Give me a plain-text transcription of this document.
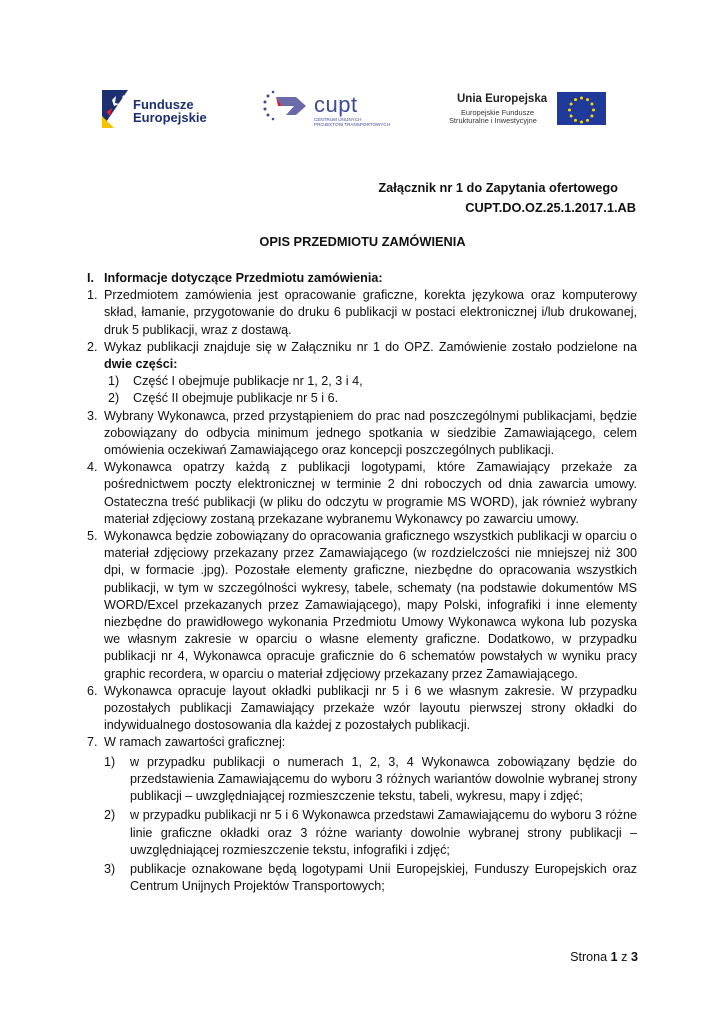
Fundusze
Europejskie
cupt
CENTRUM UNIJNYCH
PROJEKTÓW TRANSPORTOWYCH
Unia Europejska
Europejskie Fundusze
Strukturalne i Inwestycyjne
Załącznik nr 1 do Zapytania ofertowego
CUPT.DO.OZ.25.1.2017.1.AB
OPIS PRZEDMIOTU ZAMÓWIENIA
I. Informacje dotyczące Przedmiotu zamówienia:
1. Przedmiotem zamówienia jest opracowanie graficzne, korekta językowa oraz komputerowy skład, łamanie, przygotowanie do druku 6 publikacji w postaci elektronicznej i/lub drukowanej, druk 5 publikacji, wraz z dostawą.
2. Wykaz publikacji znajduje się w Załączniku nr 1 do OPZ. Zamówienie zostało podzielone na dwie części:
1)	Część I obejmuje publikacje nr 1, 2, 3 i 4,
2)	Część II obejmuje publikacje nr 5 i 6.
3. Wybrany Wykonawca, przed przystąpieniem do prac nad poszczególnymi publikacjami, będzie zobowiązany do odbycia minimum jednego spotkania w siedzibie Zamawiającego, celem omówienia oczekiwań Zamawiającego oraz koncepcji poszczególnych publikacji.
4. Wykonawca opatrzy każdą z publikacji logotypami, które Zamawiający przekaże za pośrednictwem poczty elektronicznej w terminie 2 dni roboczych od dnia zawarcia umowy. Ostateczna treść publikacji (w pliku do odczytu w programie MS WORD), jak również wybrany materiał zdjęciowy zostaną przekazane wybranemu Wykonawcy po zawarciu umowy.
5. Wykonawca będzie zobowiązany do opracowania graficznego wszystkich publikacji w oparciu o materiał zdjęciowy przekazany przez Zamawiającego (w rozdzielczości nie mniejszej niż 300 dpi, w formacie .jpg). Pozostałe elementy graficzne, niezbędne do opracowania wszystkich publikacji, w tym w szczególności wykresy, tabele, schematy (na podstawie dokumentów MS WORD/Excel przekazanych przez Zamawiającego), mapy Polski, infografiki i inne elementy niezbędne do prawidłowego wykonania Przedmiotu Umowy Wykonawca wykona lub pozyska we własnym zakresie w oparciu o własne elementy graficzne. Dodatkowo, w przypadku publikacji nr 4, Wykonawca opracuje graficznie do 6 schematów powstałych w wyniku pracy graphic recordera, w oparciu o materiał zdjęciowy przekazany przez Zamawiającego.
6. Wykonawca opracuje layout okładki publikacji nr 5 i 6 we własnym zakresie. W przypadku pozostałych publikacji Zamawiający przekaże wzór layoutu pierwszej strony okładki do indywidualnego dostosowania dla każdej z pozostałych publikacji.
7. W ramach zawartości graficznej:
1)	w przypadku publikacji o numerach 1, 2, 3, 4 Wykonawca zobowiązany będzie do przedstawienia Zamawiającemu do wyboru 3 różnych wariantów dowolnie wybranej strony publikacji – uwzględniającej rozmieszczenie tekstu, tabeli, wykresu, mapy i zdjęć;
2)	w przypadku publikacji nr 5 i 6 Wykonawca przedstawi Zamawiającemu do wyboru 3 różne linie graficzne okładki oraz 3 różne warianty dowolnie wybranej strony publikacji – uwzględniającej rozmieszczenie tekstu, infografiki i zdjęć;
3)	publikacje oznakowane będą logotypami Unii Europejskiej, Funduszy Europejskich oraz Centrum Unijnych Projektów Transportowych;
Strona 1 z 3
